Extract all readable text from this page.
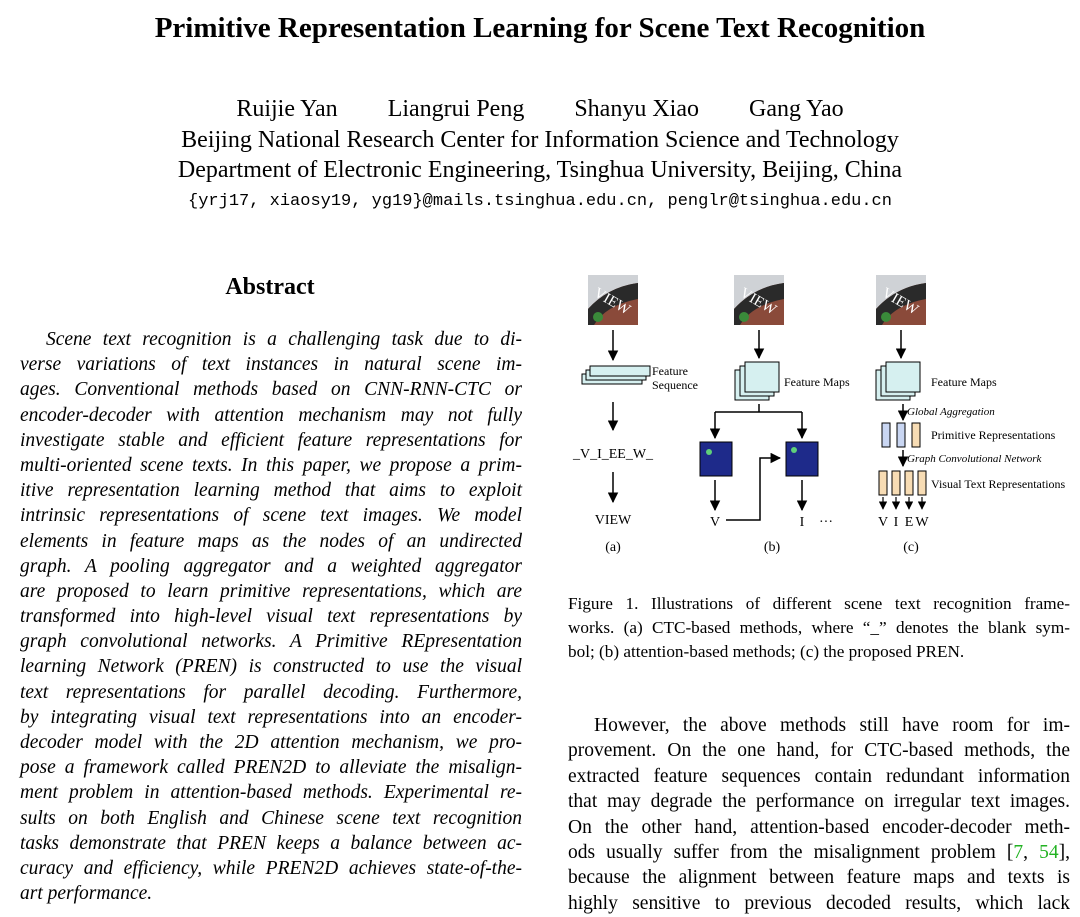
Primitive Representation Learning for Scene Text Recognition
Ruijie Yan Liangrui Peng Shanyu Xiao Gang Yao
Beijing National Research Center for Information Science and Technology
Department of Electronic Engineering, Tsinghua University, Beijing, China
{yrj17, xiaosy19, yg19}@mails.tsinghua.edu.cn, penglr@tsinghua.edu.cn
Abstract
Scene text recognition is a challenging task due to di-
verse variations of text instances in natural scene im-
ages. Conventional methods based on CNN-RNN-CTC or
encoder-decoder with attention mechanism may not fully
investigate stable and efficient feature representations for
multi-oriented scene texts. In this paper, we propose a prim-
itive representation learning method that aims to exploit
intrinsic representations of scene text images. We model
elements in feature maps as the nodes of an undirected
graph. A pooling aggregator and a weighted aggregator
are proposed to learn primitive representations, which are
transformed into high-level visual text representations by
graph convolutional networks. A Primitive REpresentation
learning Network (PREN) is constructed to use the visual
text representations for parallel decoding. Furthermore,
by integrating visual text representations into an encoder-
decoder model with the 2D attention mechanism, we pro-
pose a framework called PREN2D to alleviate the misalign-
ment problem in attention-based methods. Experimental re-
sults on both English and Chinese scene text recognition
tasks demonstrate that PREN keeps a balance between ac-
curacy and efficiency, while PREN2D achieves state-of-the-
art performance.
VIEW
Feature
Sequence
_V_I_EE_W_
VIEW
(a)
VIEW
Feature Maps
V	I ···
(b)
VIEW
Feature Maps
Global Aggregation
Primitive Representations
Graph Convolutional Network
Visual Text Representations
V I E W
(c)
Figure 1. Illustrations of different scene text recognition frame-
works. (a) CTC-based methods, where “_” denotes the blank sym-
bol; (b) attention-based methods; (c) the proposed PREN.
However, the above methods still have room for im-
provement. On the one hand, for CTC-based methods, the
extracted feature sequences contain redundant information
that may degrade the performance on irregular text images.
On the other hand, attention-based encoder-decoder meth-
ods usually suffer from the misalignment problem [7, 54],
because the alignment between feature maps and texts is
highly sensitive to previous decoded results, which lack
